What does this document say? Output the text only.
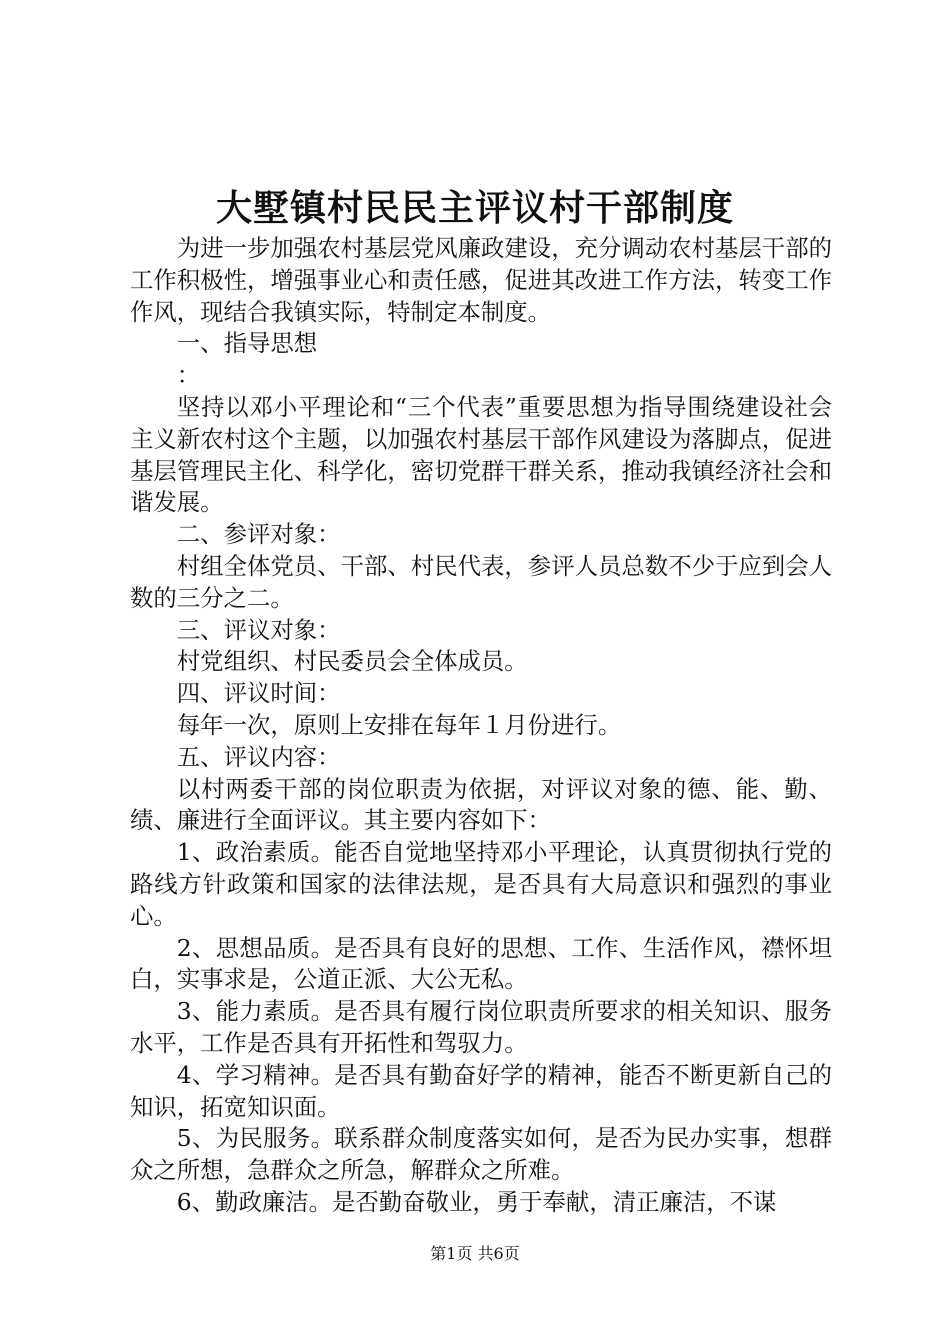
大墅镇村民民主评议村干部制度

为进一步加强农村基层党风廉政建设，充分调动农村基层干部的工作积极性，增强事业心和责任感，促进其改进工作方法，转变工作作风，现结合我镇实际，特制定本制度。

一、指导思想

：

坚持以邓小平理论和“三个代表”重要思想为指导围绕建设社会主义新农村这个主题，以加强农村基层干部作风建设为落脚点，促进基层管理民主化、科学化，密切党群干群关系，推动我镇经济社会和谐发展。

二、参评对象：

村组全体党员、干部、村民代表，参评人员总数不少于应到会人数的三分之二。

三、评议对象：

村党组织、村民委员会全体成员。

四、评议时间：

每年一次，原则上安排在每年１月份进行。

五、评议内容：

以村两委干部的岗位职责为依据，对评议对象的德、能、勤、绩、廉进行全面评议。其主要内容如下：

1、政治素质。能否自觉地坚持邓小平理论，认真贯彻执行党的路线方针政策和国家的法律法规，是否具有大局意识和强烈的事业心。

2、思想品质。是否具有良好的思想、工作、生活作风，襟怀坦白，实事求是，公道正派、大公无私。

3、能力素质。是否具有履行岗位职责所要求的相关知识、服务水平，工作是否具有开拓性和驾驭力。

4、学习精神。是否具有勤奋好学的精神，能否不断更新自己的知识，拓宽知识面。

5、为民服务。联系群众制度落实如何，是否为民办实事，想群众之所想，急群众之所急，解群众之所难。

6、勤政廉洁。是否勤奋敬业，勇于奉献，清正廉洁，不谋

第1页 共6页
